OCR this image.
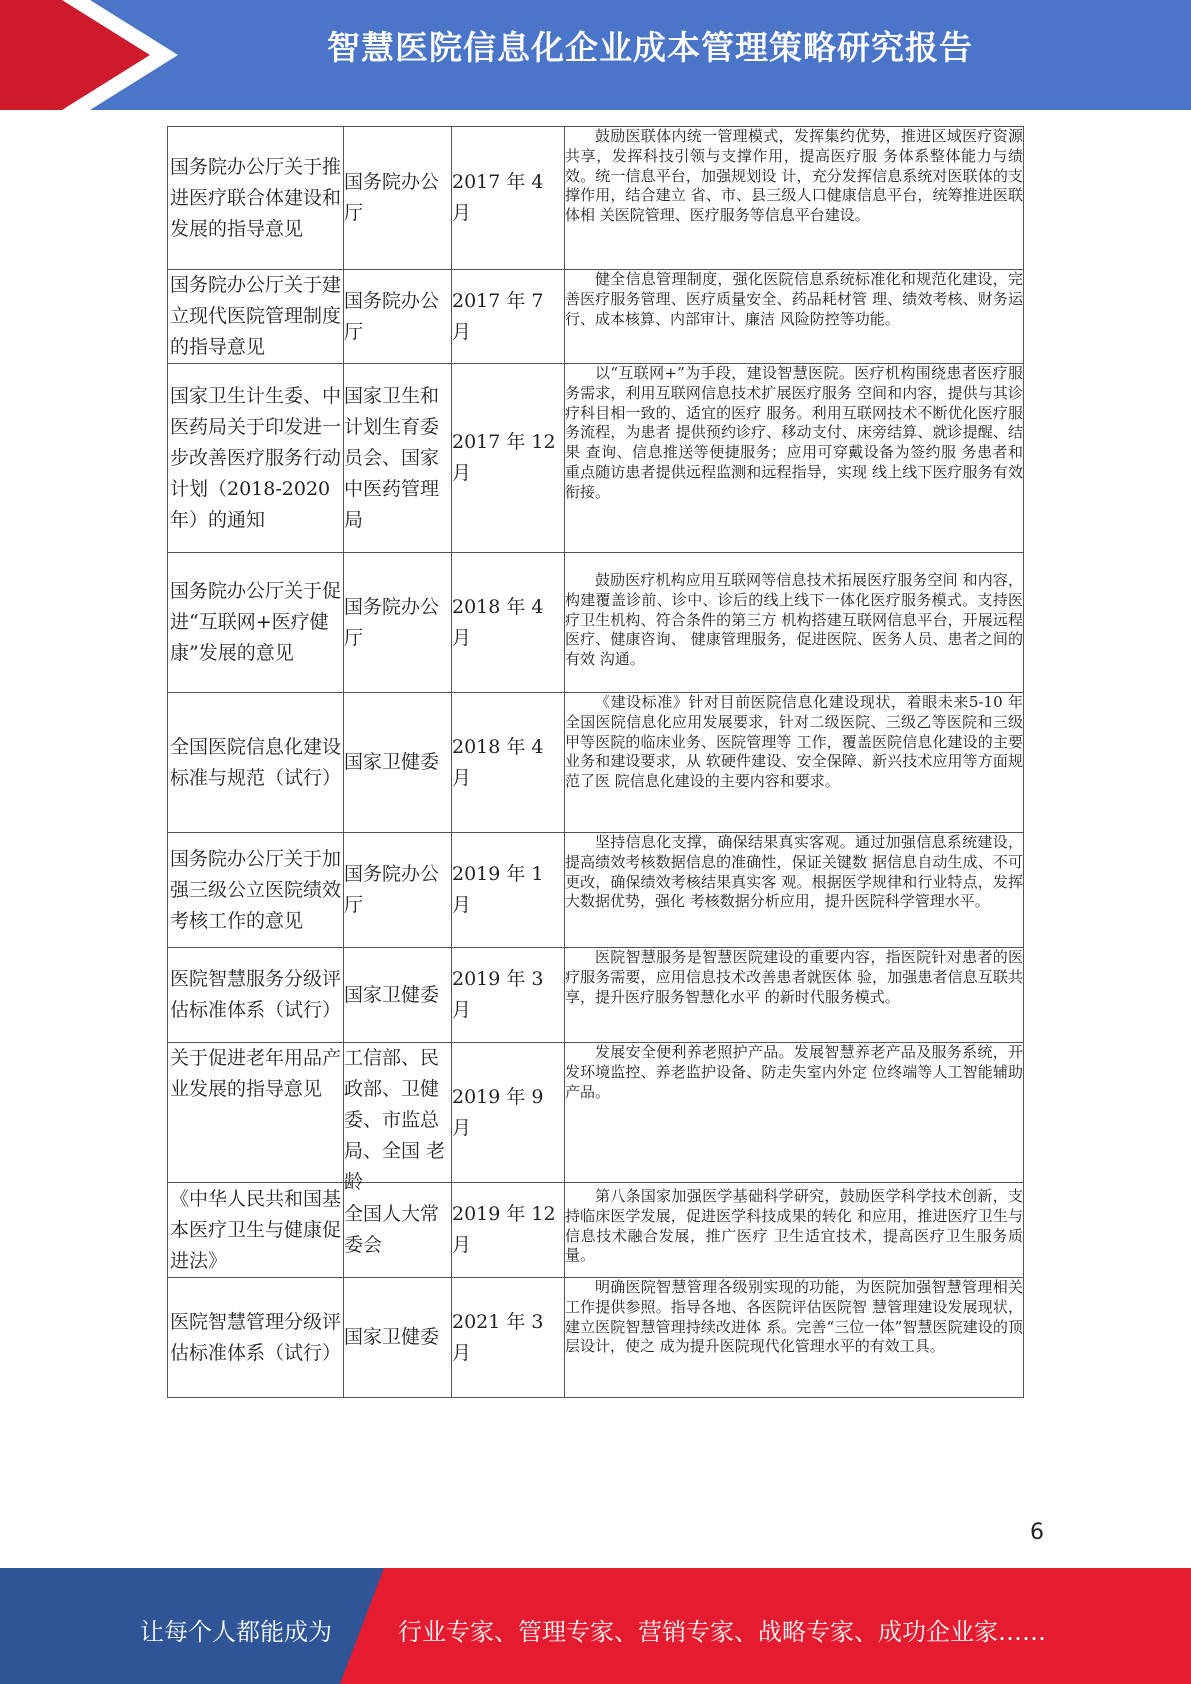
智慧医院信息化企业成本管理策略研究报告
国务院办公厅关于推进医疗联合体建设和发展的指导意见	国务院办公厅	2017 年 4 月	鼓励医联体内统一管理模式，发挥集约优势，推进区域医疗资源共享，发挥科技引领与支撑作用，提高医疗服 务体系整体能力与绩效。统一信息平台，加强规划设 计，充分发挥信息系统对医联体的支撑作用，结合建立 省、市、县三级人口健康信息平台，统筹推进医联体相 关医院管理、医疗服务等信息平台建设。

国务院办公厅关于建立现代医院管理制度的指导意见	国务院办公厅	2017 年 7 月	健全信息管理制度，强化医院信息系统标准化和规范化建设，完善医疗服务管理、医疗质量安全、药品耗材管 理、绩效考核、财务运行、成本核算、内部审计、廉洁 风险防控等功能。

国家卫生计生委、中医药局关于印发进一步改善医疗服务行动计划（2018-2020 年）的通知	国家卫生和计划生育委员会、国家中医药管理局	2017 年 12 月	以“互联网+”为手段，建设智慧医院。医疗机构围绕患者医疗服务需求，利用互联网信息技术扩展医疗服务 空间和内容，提供与其诊疗科目相一致的、适宜的医疗 服务。利用互联网技术不断优化医疗服务流程，为患者 提供预约诊疗、移动支付、床旁结算、就诊提醒、结果 查询、信息推送等便捷服务；应用可穿戴设备为签约服 务患者和重点随访患者提供远程监测和远程指导，实现 线上线下医疗服务有效衔接。

国务院办公厅关于促进“互联网+医疗健康”发展的意见	国务院办公厅	2018 年 4 月	鼓励医疗机构应用互联网等信息技术拓展医疗服务空间 和内容，构建覆盖诊前、诊中、诊后的线上线下一体化医疗服务模式。支持医疗卫生机构、符合条件的第三方 机构搭建互联网信息平台，开展远程医疗、健康咨询、 健康管理服务，促进医院、医务人员、患者之间的有效 沟通。

全国医院信息化建设标准与规范（试行）	国家卫健委	2018 年 4 月	《建设标准》针对目前医院信息化建设现状，着眼未来5-10 年全国医院信息化应用发展要求，针对二级医院、三级乙等医院和三级甲等医院的临床业务、医院管理等 工作，覆盖医院信息化建设的主要业务和建设要求，从 软硬件建设、安全保障、新兴技术应用等方面规范了医 院信息化建设的主要内容和要求。

国务院办公厅关于加强三级公立医院绩效考核工作的意见	国务院办公厅	2019 年 1 月	坚持信息化支撑，确保结果真实客观。通过加强信息系统建设，提高绩效考核数据信息的准确性，保证关键数 据信息自动生成、不可更改，确保绩效考核结果真实客 观。根据医学规律和行业特点，发挥大数据优势，强化 考核数据分析应用，提升医院科学管理水平。

医院智慧服务分级评估标准体系（试行）	国家卫健委	2019 年 3 月	医院智慧服务是智慧医院建设的重要内容，指医院针对患者的医疗服务需要，应用信息技术改善患者就医体 验，加强患者信息互联共享，提升医疗服务智慧化水平 的新时代服务模式。

关于促进老年用品产业发展的指导意见	工信部、民政部、卫健委、市监总 局、全国 老龄	2019 年 9 月	发展安全便利养老照护产品。发展智慧养老产品及服务系统，开发环境监控、养老监护设备、防走失室内外定 位终端等人工智能辅助产品。

《中华人民共和国基本医疗卫生与健康促进法》	全国人大常委会	2019 年 12 月	第八条国家加强医学基础科学研究，鼓励医学科学技术创新，支持临床医学发展，促进医学科技成果的转化 和应用，推进医疗卫生与信息技术融合发展，推广医疗 卫生适宜技术，提高医疗卫生服务质量。

医院智慧管理分级评估标准体系（试行）	国家卫健委	2021 年 3 月	明确医院智慧管理各级别实现的功能，为医院加强智慧管理相关工作提供参照。指导各地、各医院评估医院智 慧管理建设发展现状，建立医院智慧管理持续改进体 系。完善“三位一体”智慧医院建设的顶层设计，使之 成为提升医院现代化管理水平的有效工具。
6
让每个人都能成为	行业专家、管理专家、营销专家、战略专家、成功企业家……
